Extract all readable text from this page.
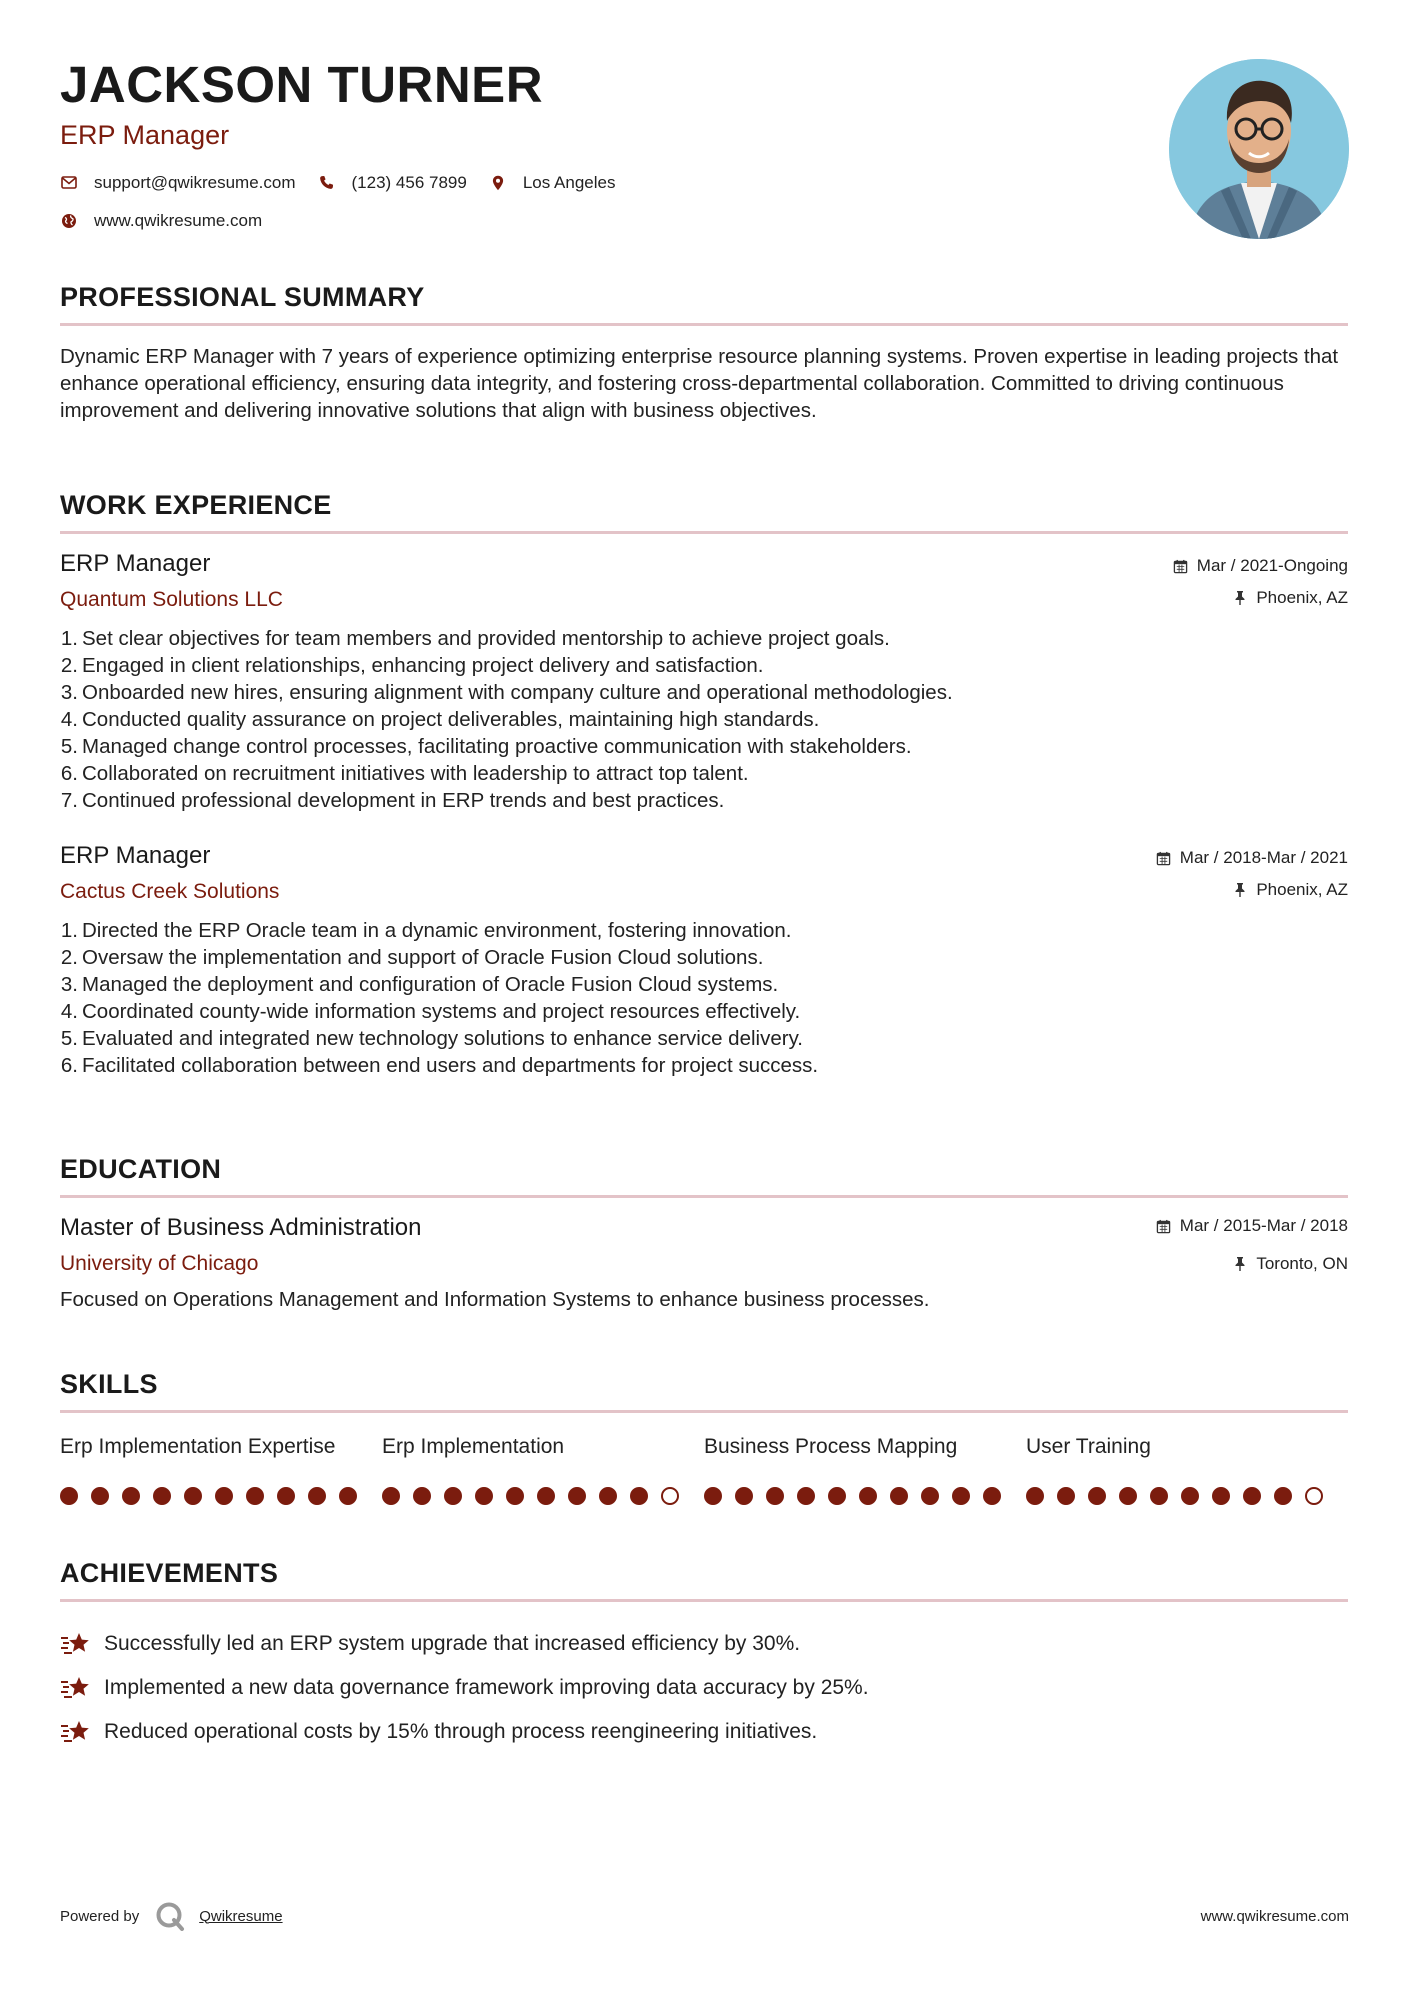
JACKSON TURNER
ERP Manager
support@qwikresume.com	(123) 456 7899	Los Angeles
www.qwikresume.com
PROFESSIONAL SUMMARY
Dynamic ERP Manager with 7 years of experience optimizing enterprise resource planning systems. Proven expertise in leading projects that enhance operational efficiency, ensuring data integrity, and fostering cross-departmental collaboration. Committed to driving continuous improvement and delivering innovative solutions that align with business objectives.
WORK EXPERIENCE
ERP Manager
Quantum Solutions LLC
Mar / 2021-Ongoing
Phoenix, AZ
1. Set clear objectives for team members and provided mentorship to achieve project goals.
2. Engaged in client relationships, enhancing project delivery and satisfaction.
3. Onboarded new hires, ensuring alignment with company culture and operational methodologies.
4. Conducted quality assurance on project deliverables, maintaining high standards.
5. Managed change control processes, facilitating proactive communication with stakeholders.
6. Collaborated on recruitment initiatives with leadership to attract top talent.
7. Continued professional development in ERP trends and best practices.
ERP Manager
Cactus Creek Solutions
Mar / 2018-Mar / 2021
Phoenix, AZ
1. Directed the ERP Oracle team in a dynamic environment, fostering innovation.
2. Oversaw the implementation and support of Oracle Fusion Cloud solutions.
3. Managed the deployment and configuration of Oracle Fusion Cloud systems.
4. Coordinated county-wide information systems and project resources effectively.
5. Evaluated and integrated new technology solutions to enhance service delivery.
6. Facilitated collaboration between end users and departments for project success.
EDUCATION
Master of Business Administration
University of Chicago
Mar / 2015-Mar / 2018
Toronto, ON
Focused on Operations Management and Information Systems to enhance business processes.
SKILLS
Erp Implementation Expertise	Erp Implementation	Business Process Mapping	User Training
ACHIEVEMENTS
Successfully led an ERP system upgrade that increased efficiency by 30%.
Implemented a new data governance framework improving data accuracy by 25%.
Reduced operational costs by 15% through process reengineering initiatives.
Powered by	Qwikresume	www.qwikresume.com
